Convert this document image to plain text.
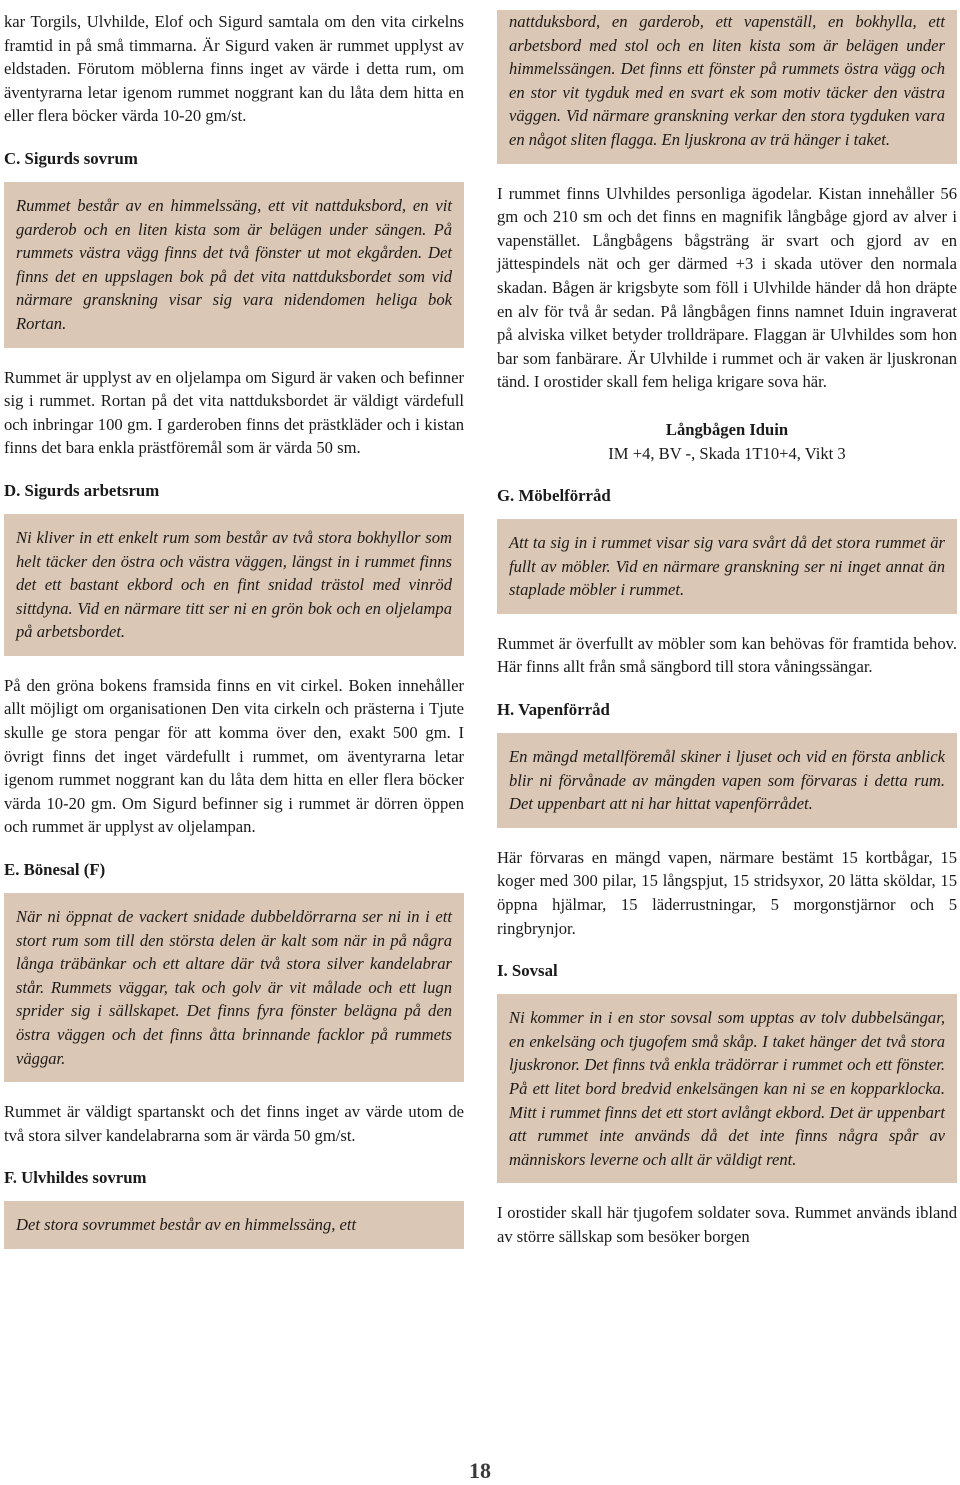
kar Torgils, Ulvhilde, Elof och Sigurd samtala om den vita cirkelns framtid in på små timmarna. Är Sigurd vaken är rummet upplyst av eldstaden. Förutom möblerna finns inget av värde i detta rum, om äventyrarna letar igenom rummet noggrant kan du låta dem hitta en eller flera böcker värda 10-20 gm/st.

C. Sigurds sovrum
Rummet består av en himmelssäng, ett vit nattduksbord, en vit garderob och en liten kista som är belägen under sängen. På rummets västra vägg finns det två fönster ut mot ekgården. Det finns det en uppslagen bok på det vita nattduksbordet som vid närmare granskning visar sig vara nidendomen heliga bok Rortan.

Rummet är upplyst av en oljelampa om Sigurd är vaken och befinner sig i rummet. Rortan på det vita nattduksbordet är väldigt värdefull och inbringar 100 gm. I garderoben finns det prästkläder och i kistan finns det bara enkla prästföremål som är värda 50 sm.

D. Sigurds arbetsrum
Ni kliver in ett enkelt rum som består av två stora bokhyllor som helt täcker den östra och västra väggen, längst in i rummet finns det ett bastant ekbord och en fint snidad trästol med vinröd sittdyna. Vid en närmare titt ser ni en grön bok och en oljelampa på arbetsbordet.

På den gröna bokens framsida finns en vit cirkel. Boken innehåller allt möjligt om organisationen Den vita cirkeln och prästerna i Tjute skulle ge stora pengar för att komma över den, exakt 500 gm. I övrigt finns det inget värdefullt i rummet, om äventyrarna letar igenom rummet noggrant kan du låta dem hitta en eller flera böcker värda 10-20 gm. Om Sigurd befinner sig i rummet är dörren öppen och rummet är upplyst av oljelampan.

E. Bönesal (F)
När ni öppnat de vackert snidade dubbeldörrarna ser ni in i ett stort rum som till den största delen är kalt som när in på några långa träbänkar och ett altare där två stora silver kandelabrar står. Rummets väggar, tak och golv är vit målade och ett lugn sprider sig i sällskapet. Det finns fyra fönster belägna på den östra väggen och det finns åtta brinnande facklor på rummets väggar.

Rummet är väldigt spartanskt och det finns inget av värde utom de två stora silver kandelabrarna som är värda 50 gm/st.

F. Ulvhildes sovrum
Det stora sovrummet består av en himmelssäng, ett
nattduksbord, en garderob, ett vapenställ, en bokhylla, ett arbetsbord med stol och en liten kista som är belägen under himmelssängen. Det finns ett fönster på rummets östra vägg och en stor vit tygduk med en svart ek som motiv täcker den västra väggen. Vid närmare granskning verkar den stora tygduken vara en något sliten flagga. En ljuskrona av trä hänger i taket.

I rummet finns Ulvhildes personliga ägodelar. Kistan innehåller 56 gm och 210 sm och det finns en magnifik långbåge gjord av alver i vapenstället. Långbågens bågsträng är svart och gjord av en jättespindels nät och ger därmed +3 i skada utöver den normala skadan. Bågen är krigsbyte som föll i Ulvhilde händer då hon dräpte en alv för två år sedan. På långbågen finns namnet Iduin ingraverat på alviska vilket betyder trolldräpare. Flaggan är Ulvhildes som hon bar som fanbärare. Är Ulvhilde i rummet och är vaken är ljuskronan tänd. I orostider skall fem heliga krigare sova här.

Långbågen Iduin
IM +4, BV -, Skada 1T10+4, Vikt 3
G. Möbelförråd
Att ta sig in i rummet visar sig vara svårt då det stora rummet är fullt av möbler. Vid en närmare granskning ser ni inget annat än staplade möbler i rummet.

Rummet är överfullt av möbler som kan behövas för framtida behov. Här finns allt från små sängbord till stora våningssängar.

H. Vapenförråd
En mängd metallföremål skiner i ljuset och vid en första anblick blir ni förvånade av mängden vapen som förvaras i detta rum. Det uppenbart att ni har hittat vapenförrådet.

Här förvaras en mängd vapen, närmare bestämt 15 kortbågar, 15 koger med 300 pilar, 15 långspjut, 15 stridsyxor, 20 lätta sköldar, 15 öppna hjälmar, 15 läderrustningar, 5 morgonstjärnor och 5 ringbrynjor.

I. Sovsal
Ni kommer in i en stor sovsal som upptas av tolv dubbelsängar, en enkelsäng och tjugofem små skåp. I taket hänger det två stora ljuskronor. Det finns två enkla trädörrar i rummet och ett fönster. På ett litet bord bredvid enkelsängen kan ni se en kopparklocka. Mitt i rummet finns det ett stort avlångt ekbord. Det är uppenbart att rummet inte används då det inte finns några spår av människors leverne och allt är väldigt rent.

I orostider skall här tjugofem soldater sova. Rummet används ibland av större sällskap som besöker borgen

18
